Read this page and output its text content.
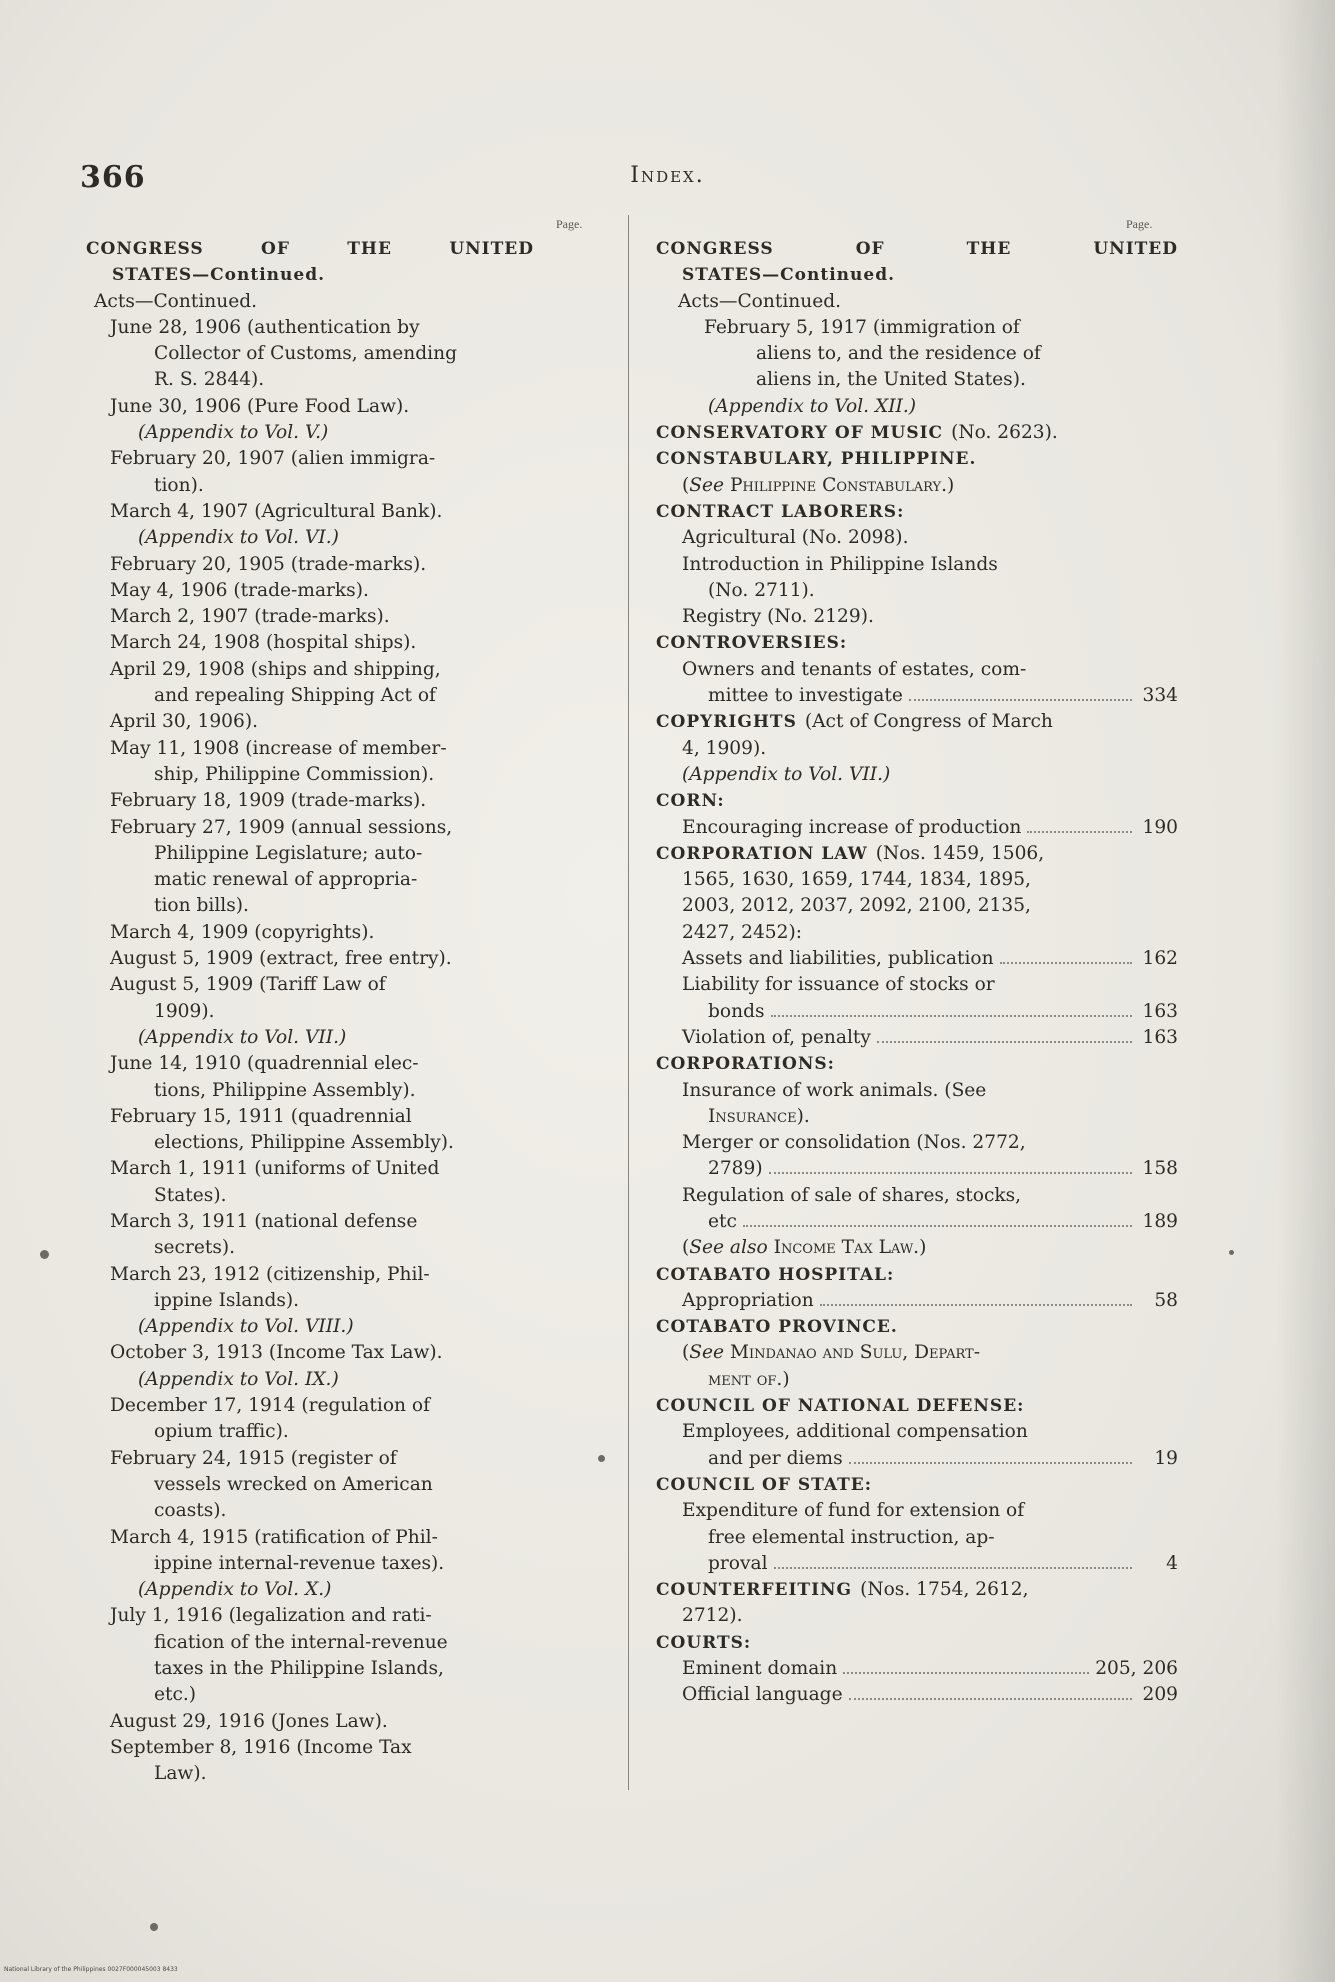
366	Index.
Page.	Page.
CONGRESS	OF	THE	UNITED
STATES—Continued.
Acts—Continued.
June 28, 1906 (authentication by
Collector of Customs, amending
R. S. 2844).
June 30, 1906 (Pure Food Law).
(Appendix to Vol. V.)
February 20, 1907 (alien immigra-
tion).
March 4, 1907 (Agricultural Bank).
(Appendix to Vol. VI.)
February 20, 1905 (trade-marks).
May 4, 1906 (trade-marks).
March 2, 1907 (trade-marks).
March 24, 1908 (hospital ships).
April 29, 1908 (ships and shipping,
and repealing Shipping Act of
April 30, 1906).
May 11, 1908 (increase of member-
ship, Philippine Commission).
February 18, 1909 (trade-marks).
February 27, 1909 (annual sessions,
Philippine Legislature; auto-
matic renewal of appropria-
tion bills).
March 4, 1909 (copyrights).
August 5, 1909 (extract, free entry).
August 5, 1909 (Tariff Law of
1909).
(Appendix to Vol. VII.)
June 14, 1910 (quadrennial elec-
tions, Philippine Assembly).
February 15, 1911 (quadrennial
elections, Philippine Assembly).
March 1, 1911 (uniforms of United
States).
March 3, 1911 (national defense
secrets).
March 23, 1912 (citizenship, Phil-
ippine Islands).
(Appendix to Vol. VIII.)
October 3, 1913 (Income Tax Law).
(Appendix to Vol. IX.)
December 17, 1914 (regulation of
opium traffic).
February 24, 1915 (register of
vessels wrecked on American
coasts).
March 4, 1915 (ratification of Phil-
ippine internal-revenue taxes).
(Appendix to Vol. X.)
July 1, 1916 (legalization and rati-
fication of the internal-revenue
taxes in the Philippine Islands,
etc.)
August 29, 1916 (Jones Law).
September 8, 1916 (Income Tax
Law).
CONGRESS	OF	THE	UNITED
STATES—Continued.
Acts—Continued.
February 5, 1917 (immigration of
aliens to, and the residence of
aliens in, the United States).
(Appendix to Vol. XII.)
CONSERVATORY OF MUSIC (No. 2623).
CONSTABULARY, PHILIPPINE.
( See
Philippine Constabulary. )
CONTRACT LABORERS:
Agricultural (No. 2098).
Introduction in Philippine Islands
(No. 2711).
Registry (No. 2129).
CONTROVERSIES:
Owners and tenants of estates, com-
mittee to investigate	334
COPYRIGHTS (Act of Congress of March
4, 1909).
(Appendix to Vol. VII.)
CORN:
Encouraging increase of production	190
CORPORATION LAW (Nos. 1459, 1506,
1565, 1630, 1659, 1744, 1834, 1895,
2003, 2012, 2037, 2092, 2100, 2135,
2427, 2452):
Assets and liabilities, publication	162
Liability for issuance of stocks or
bonds	163
Violation of, penalty	163
CORPORATIONS:
Insurance of work animals. (See
Insurance).
Merger or consolidation (Nos. 2772,
2789)	158
Regulation of sale of shares, stocks,
etc	189
( See also
Income Tax Law. )
COTABATO HOSPITAL:
Appropriation	58
COTABATO PROVINCE.
( See
Mindanao and Sulu, Depart-
ment of. )
COUNCIL OF NATIONAL DEFENSE:
Employees, additional compensation
and per diems	19
COUNCIL OF STATE:
Expenditure of fund for extension of
free elemental instruction, ap-
proval	4
COUNTERFEITING (Nos. 1754, 2612,
2712).
COURTS:
Eminent domain	205, 206
Official language	209
National Library of the Philippines 0027F000045003 8433
